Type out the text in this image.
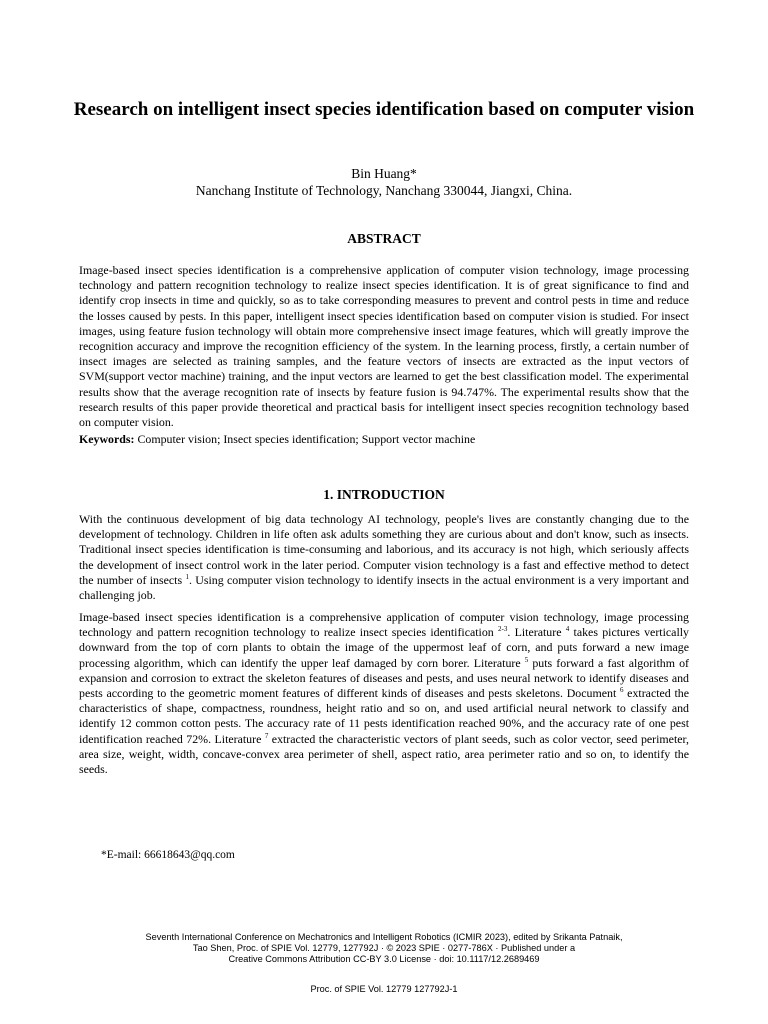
Research on intelligent insect species identification based on computer vision
Bin Huang*
Nanchang Institute of Technology, Nanchang 330044, Jiangxi, China.
ABSTRACT
Image-based insect species identification is a comprehensive application of computer vision technology, image processing technology and pattern recognition technology to realize insect species identification. It is of great significance to find and identify crop insects in time and quickly, so as to take corresponding measures to prevent and control pests in time and reduce the losses caused by pests. In this paper, intelligent insect species identification based on computer vision is studied. For insect images, using feature fusion technology will obtain more comprehensive insect image features, which will greatly improve the recognition accuracy and improve the recognition efficiency of the system. In the learning process, firstly, a certain number of insect images are selected as training samples, and the feature vectors of insects are extracted as the input vectors of SVM(support vector machine) training, and the input vectors are learned to get the best classification model. The experimental results show that the average recognition rate of insects by feature fusion is 94.747%. The experimental results show that the research results of this paper provide theoretical and practical basis for intelligent insect species recognition technology based on computer vision.
Keywords: Computer vision; Insect species identification; Support vector machine
1. INTRODUCTION
With the continuous development of big data technology AI technology, people's lives are constantly changing due to the development of technology. Children in life often ask adults something they are curious about and don't know, such as insects. Traditional insect species identification is time-consuming and laborious, and its accuracy is not high, which seriously affects the development of insect control work in the later period. Computer vision technology is a fast and effective method to detect the number of insects $^1$. Using computer vision technology to identify insects in the actual environment is a very important and challenging job.
Image-based insect species identification is a comprehensive application of computer vision technology, image processing technology and pattern recognition technology to realize insect species identification $^{2-3}$. Literature $^4$ takes pictures vertically downward from the top of corn plants to obtain the image of the uppermost leaf of corn, and puts forward a new image processing algorithm, which can identify the upper leaf damaged by corn borer. Literature $^5$ puts forward a fast algorithm of expansion and corrosion to extract the skeleton features of diseases and pests, and uses neural network to identify diseases and pests according to the geometric moment features of different kinds of diseases and pests skeletons. Document $^6$ extracted the characteristics of shape, compactness, roundness, height ratio and so on, and used artificial neural network to classify and identify 12 common cotton pests. The accuracy rate of 11 pests identification reached 90%, and the accuracy rate of one pest identification reached 72%. Literature $^7$ extracted the characteristic vectors of plant seeds, such as color vector, seed perimeter, area size, weight, width, concave-convex area perimeter of shell, aspect ratio, area perimeter ratio and so on, to identify the seeds.
*E-mail: 66618643@qq.com
Seventh International Conference on Mechatronics and Intelligent Robotics (ICMIR 2023), edited by Srikanta Patnaik,
Tao Shen, Proc. of SPIE Vol. 12779, 127792J · © 2023 SPIE · 0277-786X · Published under a
Creative Commons Attribution CC-BY 3.0 License · doi: 10.1117/12.2689469
Proc. of SPIE Vol. 12779 127792J-1
